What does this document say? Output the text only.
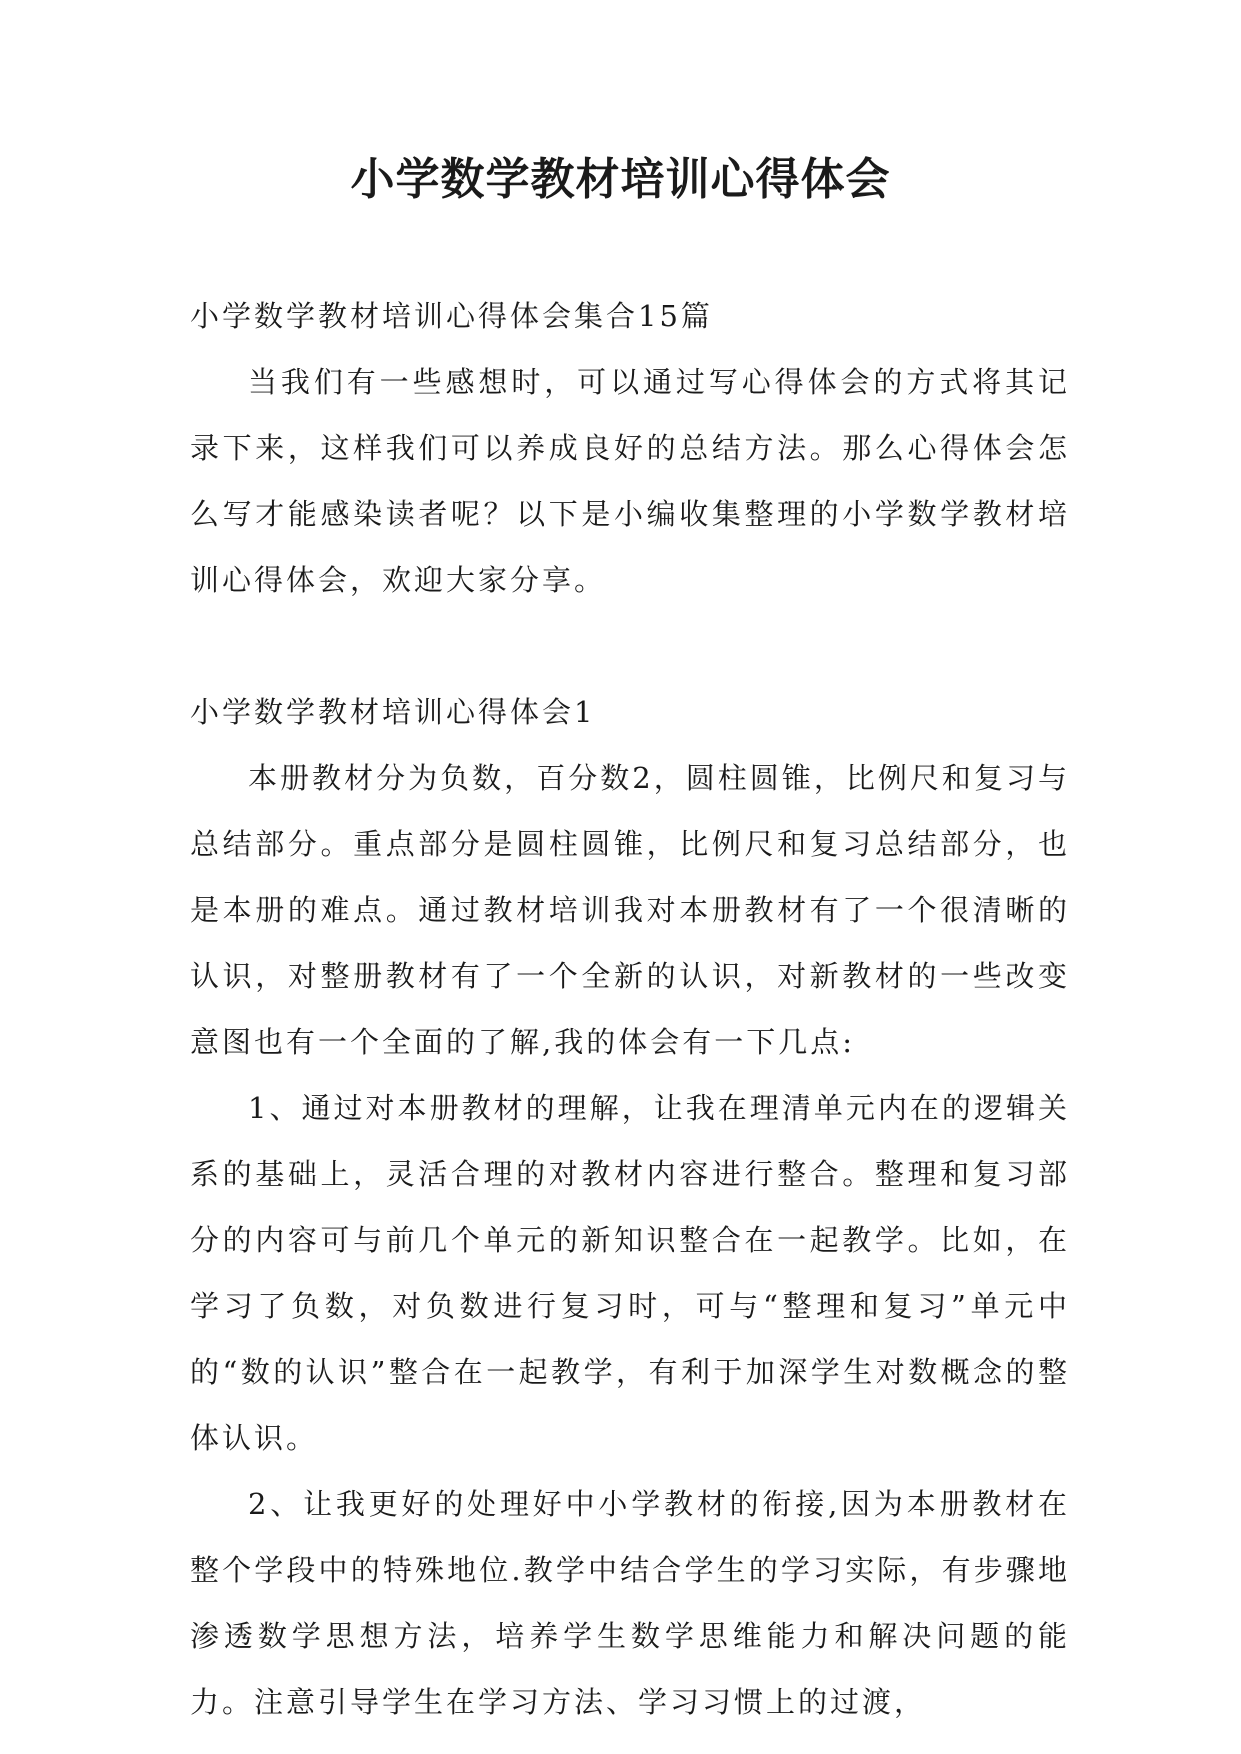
小学数学教材培训心得体会

小学数学教材培训心得体会集合15篇

当我们有一些感想时，可以通过写心得体会的方式将其记录下来，这样我们可以养成良好的总结方法。那么心得体会怎么写才能感染读者呢？以下是小编收集整理的小学数学教材培训心得体会，欢迎大家分享。

小学数学教材培训心得体会1

本册教材分为负数，百分数2，圆柱圆锥，比例尺和复习与总结部分。重点部分是圆柱圆锥，比例尺和复习总结部分，也是本册的难点。通过教材培训我对本册教材有了一个很清晰的认识，对整册教材有了一个全新的认识，对新教材的一些改变意图也有一个全面的了解,我的体会有一下几点:

1、通过对本册教材的理解，让我在理清单元内在的逻辑关系的基础上，灵活合理的对教材内容进行整合。整理和复习部分的内容可与前几个单元的新知识整合在一起教学。比如，在学习了负数，对负数进行复习时，可与“整理和复习”单元中的“数的认识”整合在一起教学，有利于加深学生对数概念的整体认识。

2、让我更好的处理好中小学教材的衔接,因为本册教材在整个学段中的特殊地位.教学中结合学生的学习实际，有步骤地渗透数学思想方法，培养学生数学思维能力和解决问题的能力。注意引导学生在学习方法、学习习惯上的过渡，
